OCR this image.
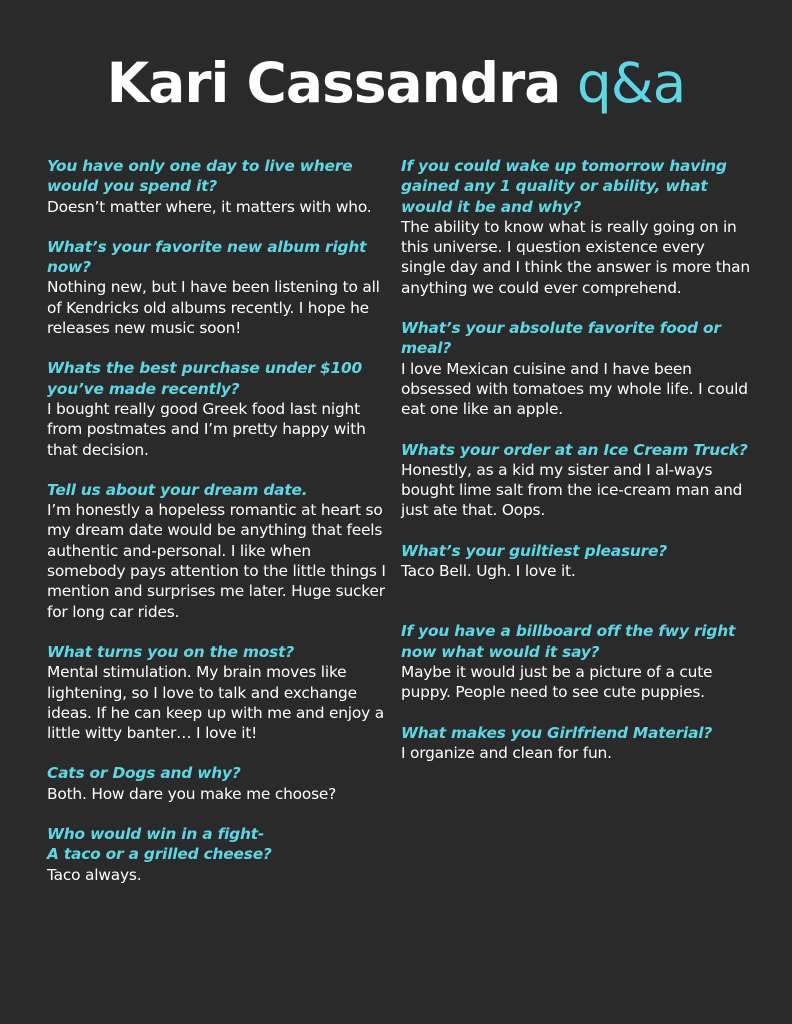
Kari Cassandra q&a
You have only one day to live where would you spend it?
Doesn’t matter where, it matters with who.
What’s your favorite new album right now?
Nothing new, but I have been listening to all of Kendricks old albums recently. I hope he releases new music soon!
Whats the best purchase under $100 you’ve made recently?
I bought really good Greek food last night from postmates and I’m pretty happy with that decision.
Tell us about your dream date.
I’m honestly a hopeless romantic at heart so my dream date would be anything that feels authentic and-personal. I like when somebody pays attention to the little things I mention and surprises me later. Huge sucker for long car rides.
What turns you on the most?
Mental stimulation. My brain moves like lightening, so I love to talk and exchange ideas. If he can keep up with me and enjoy a little witty banter… I love it!
Cats or Dogs and why?
Both. How dare you make me choose?
Who would win in a fight-
A taco or a grilled cheese?
Taco always.
If you could wake up tomorrow having gained any 1 quality or ability, what would it be and why?
The ability to know what is really going on in this universe. I question existence every single day and I think the answer is more than anything we could ever comprehend.
What’s your absolute favorite food or meal?
I love Mexican cuisine and I have been obsessed with tomatoes my whole life. I could eat one like an apple.
Whats your order at an Ice Cream Truck?
Honestly, as a kid my sister and I al-ways bought lime salt from the ice-cream man and just ate that. Oops.
What’s your guiltiest pleasure?
Taco Bell. Ugh. I love it.
If you have a billboard off the fwy right now what would it say?
Maybe it would just be a picture of a cute puppy. People need to see cute puppies.
What makes you Girlfriend Material?
I organize and clean for fun.
